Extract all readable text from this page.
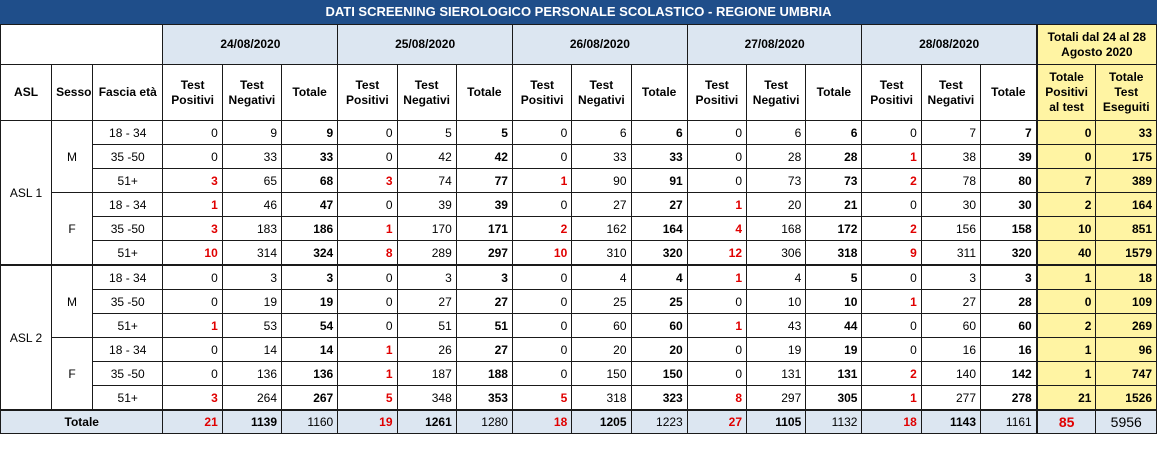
DATI SCREENING SIEROLOGICO PERSONALE SCOLASTICO - REGIONE UMBRIA
			24/08/2020			25/08/2020			26/08/2020			27/08/2020			28/08/2020			Totali dal 24 al 28 Agosto 2020	
ASL	Sesso	Fascia età	Test Positivi	Test Negativi	Totale	Test Positivi	Test Negativi	Totale	Test Positivi	Test Negativi	Totale	Test Positivi	Test Negativi	Totale	Test Positivi	Test Negativi	Totale	Totale Positivi al test	Totale Test Eseguiti
ASL 1	M	18 - 34	0	9	9	0	5	5	0	6	6	0	6	6	0	7	7	0	33
		35 -50	0	33	33	0	42	42	0	33	33	0	28	28	1	38	39	0	175
		51+	3	65	68	3	74	77	1	90	91	0	73	73	2	78	80	7	389
	F	18 - 34	1	46	47	0	39	39	0	27	27	1	20	21	0	30	30	2	164
		35 -50	3	183	186	1	170	171	2	162	164	4	168	172	2	156	158	10	851
		51+	10	314	324	8	289	297	10	310	320	12	306	318	9	311	320	40	1579
ASL 2	M	18 - 34	0	3	3	0	3	3	0	4	4	1	4	5	0	3	3	1	18
		35 -50	0	19	19	0	27	27	0	25	25	0	10	10	1	27	28	0	109
		51+	1	53	54	0	51	51	0	60	60	1	43	44	0	60	60	2	269
	F	18 - 34	0	14	14	1	26	27	0	20	20	0	19	19	0	16	16	1	96
		35 -50	0	136	136	1	187	188	0	150	150	0	131	131	2	140	142	1	747
		51+	3	264	267	5	348	353	5	318	323	8	297	305	1	277	278	21	1526
Totale			21	1139	1160	19	1261	1280	18	1205	1223	27	1105	1132	18	1143	1161	85	5956
